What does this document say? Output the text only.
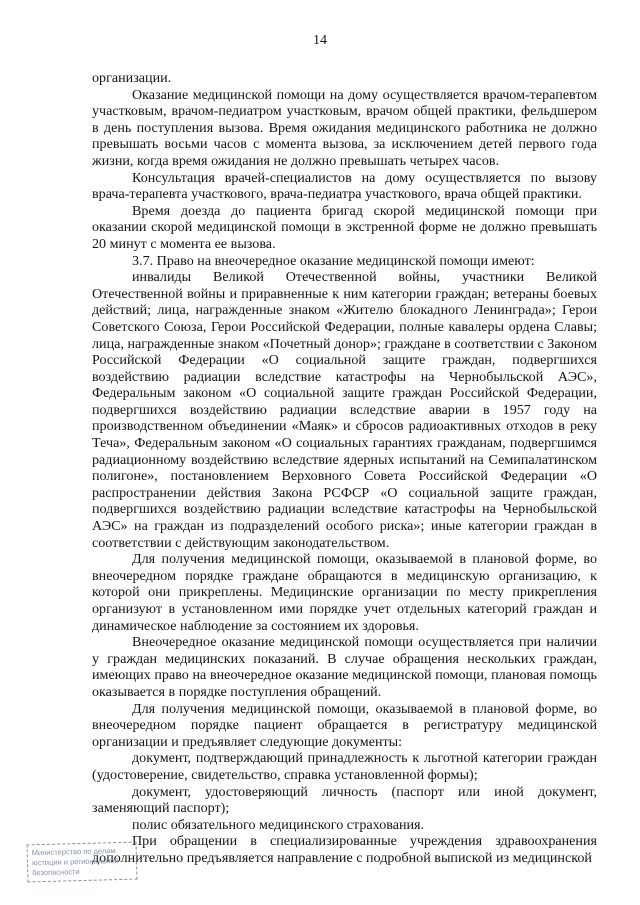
14

организации.

Оказание медицинской помощи на дому осуществляется врачом-терапевтом участковым, врачом-педиатром участковым, врачом общей практики, фельдшером в день поступления вызова. Время ожидания медицинского работника не должно превышать восьми часов с момента вызова, за исключением детей первого года жизни, когда время ожидания не должно превышать четырех часов.

Консультация врачей-специалистов на дому осуществляется по вызову врача-терапевта участкового, врача-педиатра участкового, врача общей практики.

Время доезда до пациента бригад скорой медицинской помощи при оказании скорой медицинской помощи в экстренной форме не должно превышать 20 минут с момента ее вызова.

3.7. Право на внеочередное оказание медицинской помощи имеют:

инвалиды Великой Отечественной войны, участники Великой Отечественной войны и приравненные к ним категории граждан; ветераны боевых действий; лица, награжденные знаком «Жителю блокадного Ленинграда»; Герои Советского Союза, Герои Российской Федерации, полные кавалеры ордена Славы; лица, награжденные знаком «Почетный донор»; граждане в соответствии с Законом Российской Федерации «О социальной защите граждан, подвергшихся воздействию радиации вследствие катастрофы на Чернобыльской АЭС», Федеральным законом «О социальной защите граждан Российской Федерации, подвергшихся воздействию радиации вследствие аварии в 1957 году на производственном объединении «Маяк» и сбросов радиоактивных отходов в реку Теча», Федеральным законом «О социальных гарантиях гражданам, подвергшимся радиационному воздействию вследствие ядерных испытаний на Семипалатинском полигоне», постановлением Верховного Совета Российской Федерации «О распространении действия Закона РСФСР «О социальной защите граждан, подвергшихся воздействию радиации вследствие катастрофы на Чернобыльской АЭС» на граждан из подразделений особого риска»; иные категории граждан в соответствии с действующим законодательством.

Для получения медицинской помощи, оказываемой в плановой форме, во внеочередном порядке граждане обращаются в медицинскую организацию, к которой они прикреплены. Медицинские организации по месту прикрепления организуют в установленном ими порядке учет отдельных категорий граждан и динамическое наблюдение за состоянием их здоровья.

Внеочередное оказание медицинской помощи осуществляется при наличии у граждан медицинских показаний. В случае обращения нескольких граждан, имеющих право на внеочередное оказание медицинской помощи, плановая помощь оказывается в порядке поступления обращений.

Для получения медицинской помощи, оказываемой в плановой форме, во внеочередном порядке пациент обращается в регистратуру медицинской организации и предъявляет следующие документы:

документ, подтверждающий принадлежность к льготной категории граждан (удостоверение, свидетельство, справка установленной формы);

документ, удостоверяющий личность (паспорт или иной документ, заменяющий паспорт);

полис обязательного медицинского страхования.

При обращении в специализированные учреждения здравоохранения дополнительно предъявляется направление с подробной выпиской из медицинской

Министерство по делам
юстиции и региональной
безопасности
